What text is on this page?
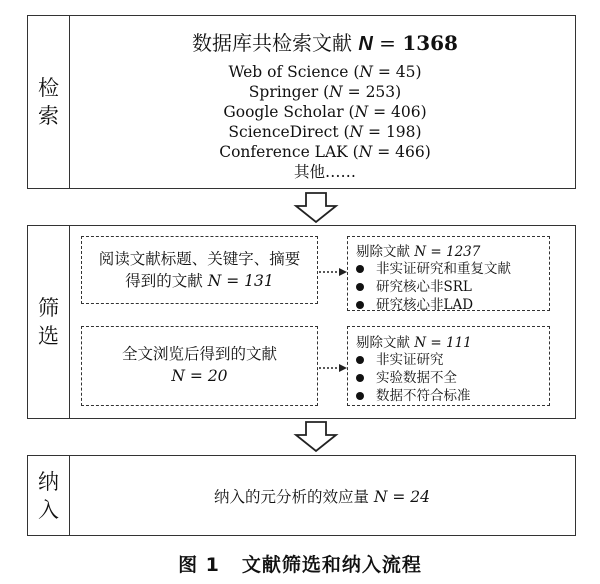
检
索
数据库共检索文献 N = 1368
Web of Science (N = 45)
Springer (N = 253)
Google Scholar (N = 406)
ScienceDirect (N = 198)
Conference LAK (N = 466)
其他……
筛
选
阅读文献标题、关键字、摘要
得到的文献 N = 131
剔除文献 N = 1237
非实证研究和重复文献
研究核心非SRL
研究核心非LAD
全文浏览后得到的文献
N = 20
剔除文献 N = 111
非实证研究
实验数据不全
数据不符合标准
纳
入
纳入的元分析的效应量 N = 24
图 1 文献筛选和纳入流程
